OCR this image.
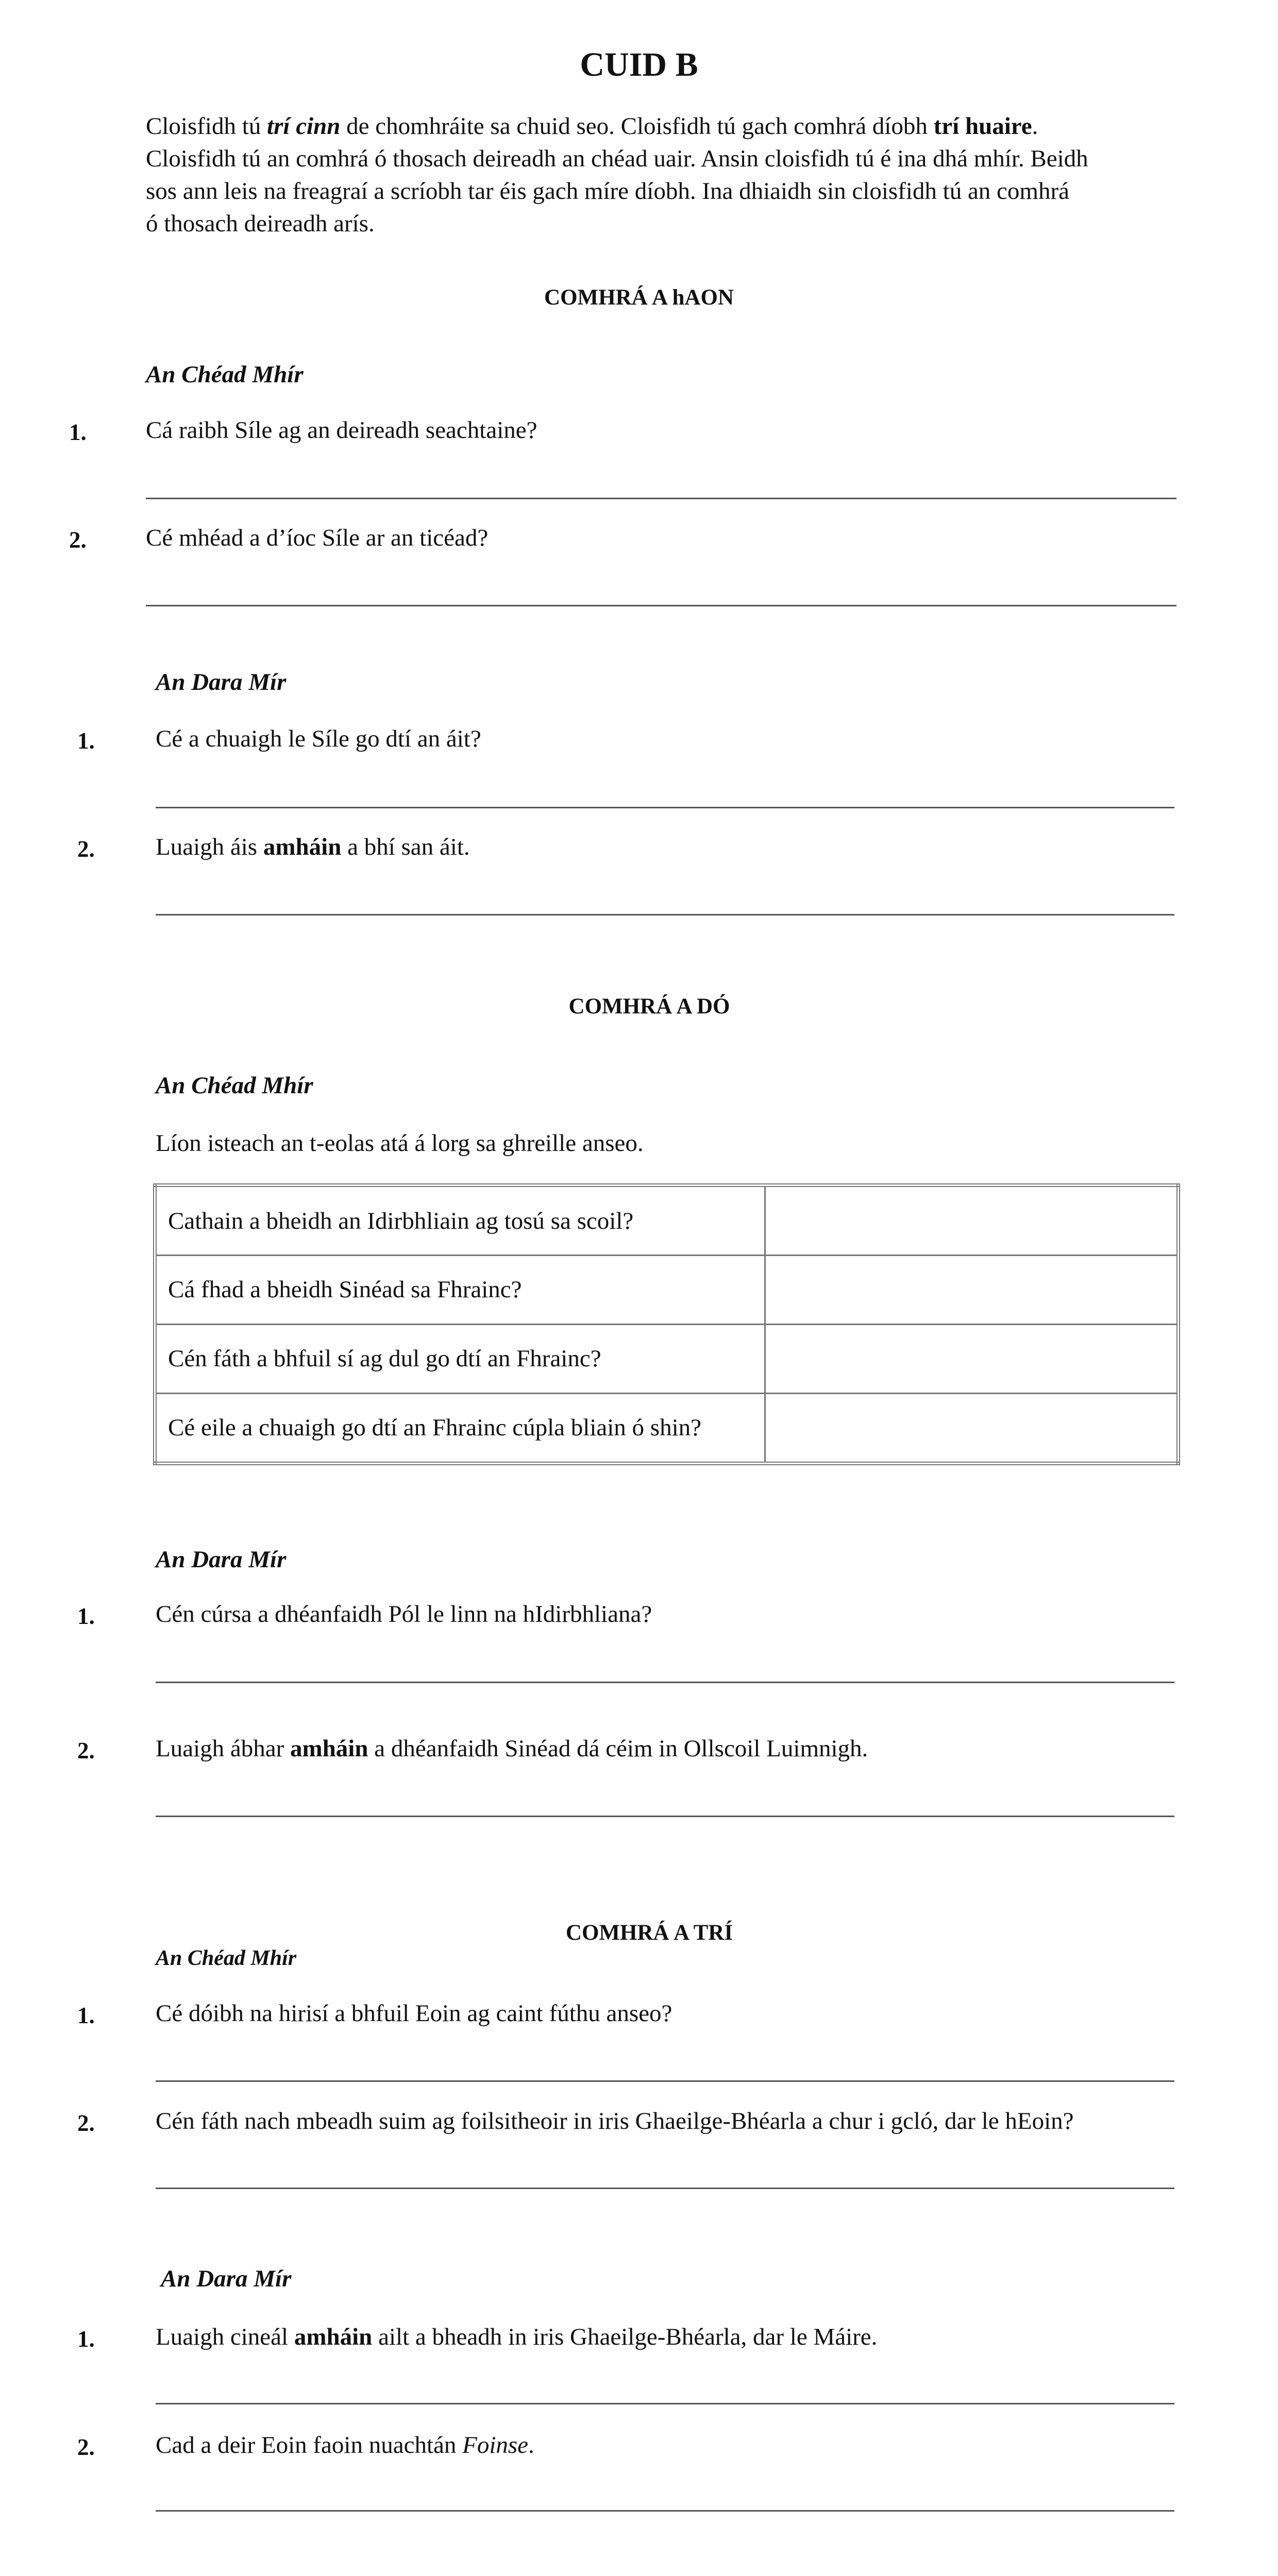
CUID B
Cloisfidh tú trí cinn de chomhráite sa chuid seo. Cloisfidh tú gach comhrá díobh trí huaire.
Cloisfidh tú an comhrá ó thosach deireadh an chéad uair. Ansin cloisfidh tú é ina dhá mhír. Beidh
sos ann leis na freagraí a scríobh tar éis gach míre díobh. Ina dhiaidh sin cloisfidh tú an comhrá
ó thosach deireadh arís.
COMHRÁ A hAON
An Chéad Mhír
1. Cá raibh Síle ag an deireadh seachtaine?
2. Cé mhéad a d’íoc Síle ar an ticéad?
An Dara Mír
1.	Cé a chuaigh le Síle go dtí an áit?
2.	Luaigh áis amháin a bhí san áit.
COMHRÁ A DÓ
An Chéad Mhír
Líon isteach an t-eolas atá á lorg sa ghreille anseo.
Cathain a bheidh an Idirbhliain ag tosú sa scoil?	
Cá fhad a bheidh Sinéad sa Fhrainc?	
Cén fáth a bhfuil sí ag dul go dtí an Fhrainc?	
Cé eile a chuaigh go dtí an Fhrainc cúpla bliain ó shin?	
An Dara Mír
1.	Cén cúrsa a dhéanfaidh Pól le linn na hIdirbhliana?
2.	Luaigh ábhar amháin a dhéanfaidh Sinéad dá céim in Ollscoil Luimnigh.
COMHRÁ A TRÍ
An Chéad Mhír
1.	Cé dóibh na hirisí a bhfuil Eoin ag caint fúthu anseo?
2.	Cén fáth nach mbeadh suim ag foilsitheoir in iris Ghaeilge-Bhéarla a chur i gcló, dar le hEoin?
An Dara Mír
1.	Luaigh cineál amháin ailt a bheadh in iris Ghaeilge-Bhéarla, dar le Máire.
2.	Cad a deir Eoin faoin nuachtán Foinse.
